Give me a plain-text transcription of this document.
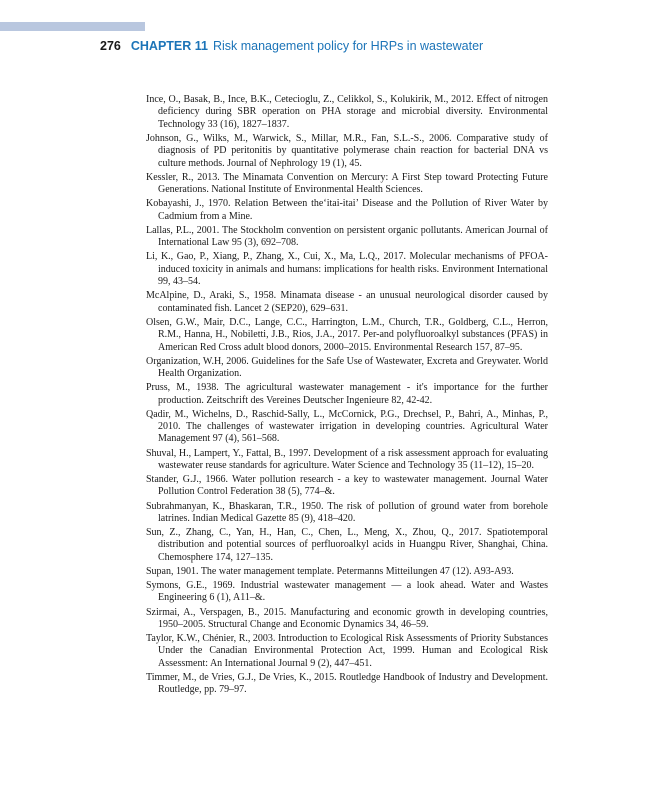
276 CHAPTER 11 Risk management policy for HRPs in wastewater
Ince, O., Basak, B., Ince, B.K., Cetecioglu, Z., Celikkol, S., Kolukirik, M., 2012. Effect of nitrogen deficiency during SBR operation on PHA storage and microbial diversity. Environmental Technology 33 (16), 1827–1837.
Johnson, G., Wilks, M., Warwick, S., Millar, M.R., Fan, S.L.-S., 2006. Comparative study of diagnosis of PD peritonitis by quantitative polymerase chain reaction for bacterial DNA vs culture methods. Journal of Nephrology 19 (1), 45.
Kessler, R., 2013. The Minamata Convention on Mercury: A First Step toward Protecting Future Generations. National Institute of Environmental Health Sciences.
Kobayashi, J., 1970. Relation Between the‘itai-itai’ Disease and the Pollution of River Water by Cadmium from a Mine.
Lallas, P.L., 2001. The Stockholm convention on persistent organic pollutants. American Journal of International Law 95 (3), 692–708.
Li, K., Gao, P., Xiang, P., Zhang, X., Cui, X., Ma, L.Q., 2017. Molecular mechanisms of PFOA-induced toxicity in animals and humans: implications for health risks. Environment International 99, 43–54.
McAlpine, D., Araki, S., 1958. Minamata disease - an unusual neurological disorder caused by contaminated fish. Lancet 2 (SEP20), 629–631.
Olsen, G.W., Mair, D.C., Lange, C.C., Harrington, L.M., Church, T.R., Goldberg, C.L., Herron, R.M., Hanna, H., Nobiletti, J.B., Rios, J.A., 2017. Per-and polyfluoroalkyl substances (PFAS) in American Red Cross adult blood donors, 2000–2015. Environmental Research 157, 87–95.
Organization, W.H, 2006. Guidelines for the Safe Use of Wastewater, Excreta and Greywater. World Health Organization.
Pruss, M., 1938. The agricultural wastewater management - it's importance for the further production. Zeitschrift des Vereines Deutscher Ingenieure 82, 42-42.
Qadir, M., Wichelns, D., Raschid-Sally, L., McCornick, P.G., Drechsel, P., Bahri, A., Minhas, P., 2010. The challenges of wastewater irrigation in developing countries. Agricultural Water Management 97 (4), 561–568.
Shuval, H., Lampert, Y., Fattal, B., 1997. Development of a risk assessment approach for evaluating wastewater reuse standards for agriculture. Water Science and Technology 35 (11–12), 15–20.
Stander, G.J., 1966. Water pollution research - a key to wastewater management. Journal Water Pollution Control Federation 38 (5), 774–&.
Subrahmanyan, K., Bhaskaran, T.R., 1950. The risk of pollution of ground water from borehole latrines. Indian Medical Gazette 85 (9), 418–420.
Sun, Z., Zhang, C., Yan, H., Han, C., Chen, L., Meng, X., Zhou, Q., 2017. Spatiotemporal distribution and potential sources of perfluoroalkyl acids in Huangpu River, Shanghai, China. Chemosphere 174, 127–135.
Supan, 1901. The water management template. Petermanns Mitteilungen 47 (12). A93-A93.
Symons, G.E., 1969. Industrial wastewater management — a look ahead. Water and Wastes Engineering 6 (1), A11–&.
Szirmai, A., Verspagen, B., 2015. Manufacturing and economic growth in developing countries, 1950–2005. Structural Change and Economic Dynamics 34, 46–59.
Taylor, K.W., Chénier, R., 2003. Introduction to Ecological Risk Assessments of Priority Substances Under the Canadian Environmental Protection Act, 1999. Human and Ecological Risk Assessment: An International Journal 9 (2), 447–451.
Timmer, M., de Vries, G.J., De Vries, K., 2015. Routledge Handbook of Industry and Development. Routledge, pp. 79–97.
